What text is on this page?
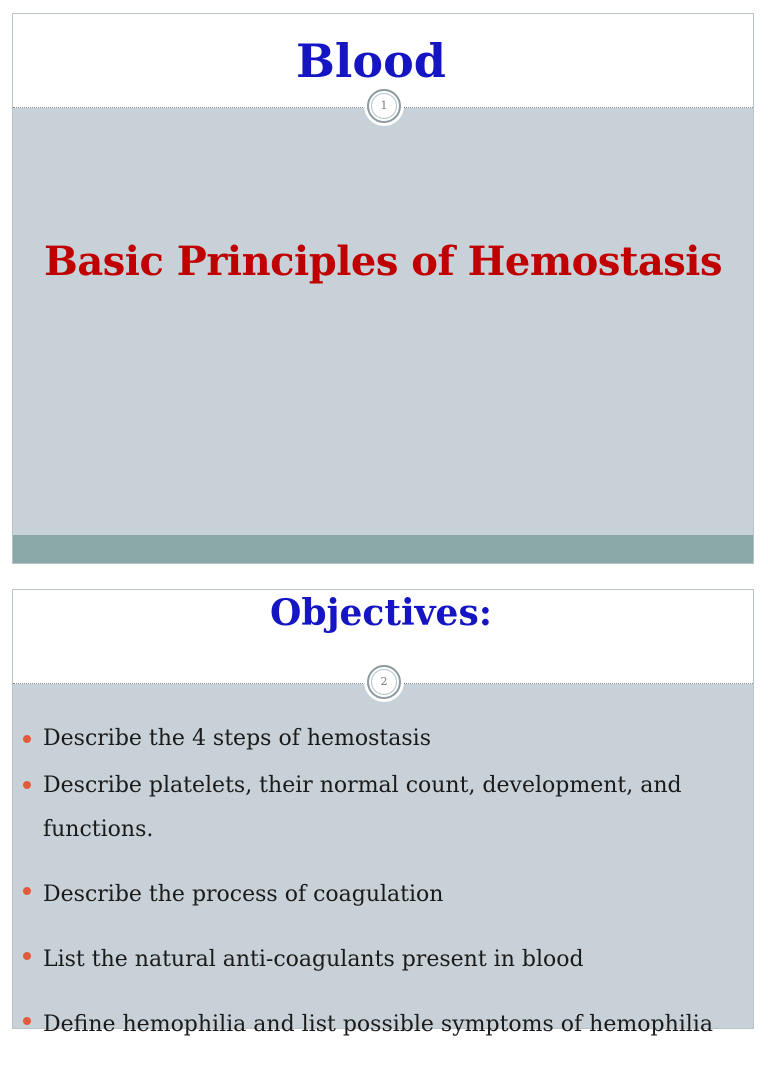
Blood
1
Basic Principles of Hemostasis
Objectives:
2
Describe the 4 steps of hemostasis
Describe platelets, their normal count, development, and functions.
Describe the process of coagulation
List the natural anti-coagulants present in blood
Define hemophilia and list possible symptoms of hemophilia
